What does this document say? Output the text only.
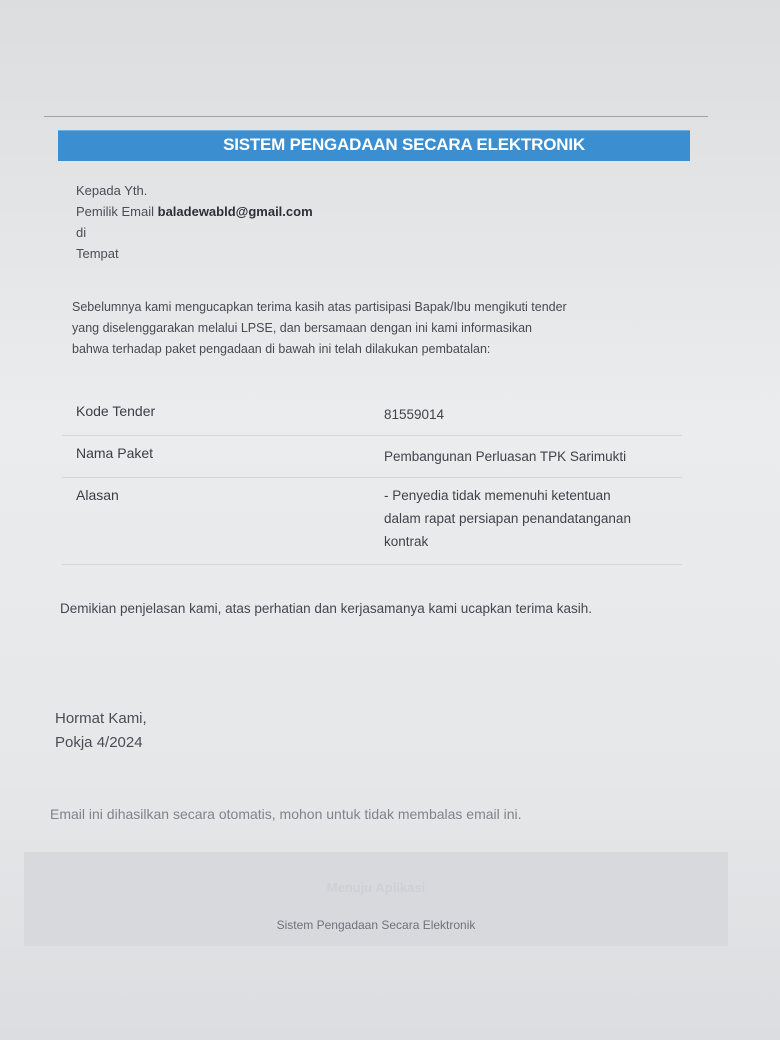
SISTEM PENGADAAN SECARA ELEKTRONIK
Kepada Yth.
Pemilik Email baladewabld@gmail.com
di
Tempat
Sebelumnya kami mengucapkan terima kasih atas partisipasi Bapak/Ibu mengikuti tender
yang diselenggarakan melalui LPSE, dan bersamaan dengan ini kami informasikan
bahwa terhadap paket pengadaan di bawah ini telah dilakukan pembatalan:
Kode Tender	81559014
Nama Paket	Pembangunan Perluasan TPK Sarimukti
Alasan	- Penyedia tidak memenuhi ketentuan
dalam rapat persiapan penandatanganan
kontrak
Demikian penjelasan kami, atas perhatian dan kerjasamanya kami ucapkan terima kasih.
Hormat Kami,
Pokja 4/2024
Email ini dihasilkan secara otomatis, mohon untuk tidak membalas email ini.
Menuju Aplikasi
Sistem Pengadaan Secara Elektronik
